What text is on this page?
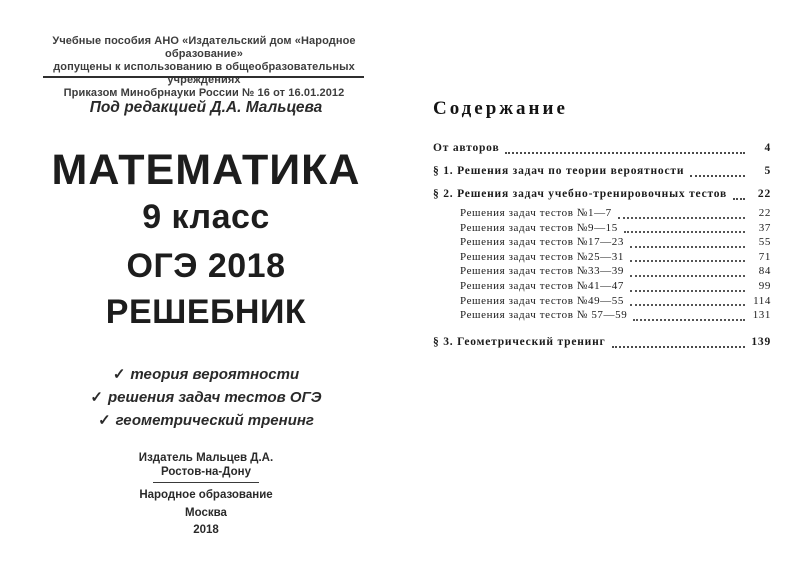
Учебные пособия АНО «Издательский дом «Народное образование»
допущены к использованию в общеобразовательных учреждениях
Приказом Минобрнауки России № 16 от 16.01.2012
Под редакцией Д.А. Мальцева
МАТЕМАТИКА
9 класс
ОГЭ 2018
РЕШЕБНИК
✓ теория вероятности
✓ решения задач тестов ОГЭ
✓ геометрический тренинг
Издатель Мальцев Д.А.
Ростов-на-Дону
Народное образование
Москва
2018
Содержание
От авторов	4
§ 1. Решения задач по теории вероятности	5
§ 2. Решения задач учебно-тренировочных тестов	22
Решения задач тестов №1—7	22
Решения задач тестов №9—15	37
Решения задач тестов №17—23	55
Решения задач тестов №25—31	71
Решения задач тестов №33—39	84
Решения задач тестов №41—47	99
Решения задач тестов №49—55	114
Решения задач тестов № 57—59	131
§ 3. Геометрический тренинг	139
